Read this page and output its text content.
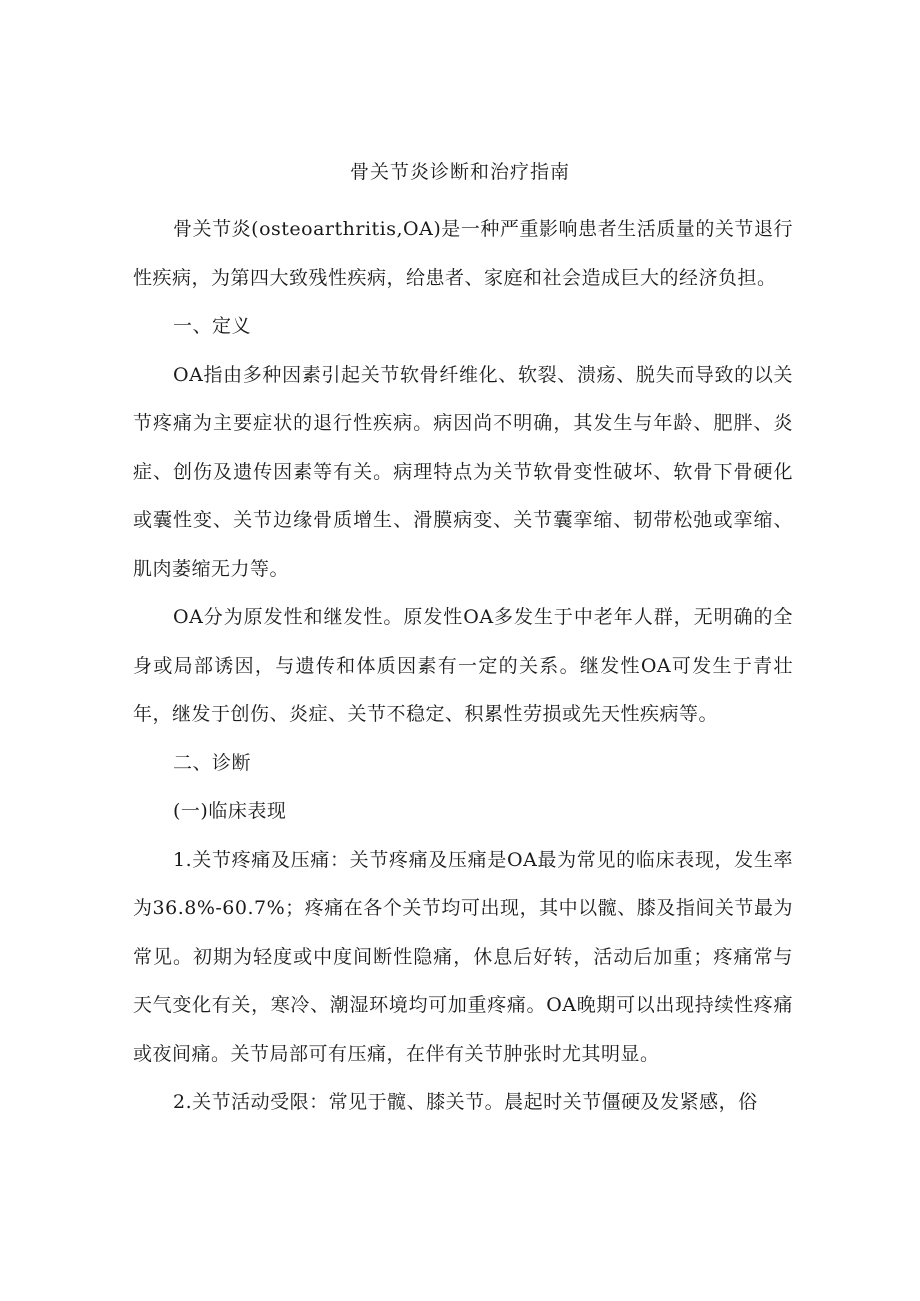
骨关节炎诊断和治疗指南

骨关节炎(osteoarthritis,OA)是一种严重影响患者生活质量的关节退行性疾病，为第四大致残性疾病，给患者、家庭和社会造成巨大的经济负担。

一、定义

OA指由多种因素引起关节软骨纤维化、软裂、溃疡、脱失而导致的以关节疼痛为主要症状的退行性疾病。病因尚不明确，其发生与年龄、肥胖、炎症、创伤及遗传因素等有关。病理特点为关节软骨变性破坏、软骨下骨硬化或囊性变、关节边缘骨质增生、滑膜病变、关节囊挛缩、韧带松弛或挛缩、肌肉萎缩无力等。

OA分为原发性和继发性。原发性OA多发生于中老年人群，无明确的全身或局部诱因，与遗传和体质因素有一定的关系。继发性OA可发生于青壮年，继发于创伤、炎症、关节不稳定、积累性劳损或先天性疾病等。

二、诊断

(一)临床表现

1.关节疼痛及压痛：关节疼痛及压痛是OA最为常见的临床表现，发生率为36.8%-60.7%；疼痛在各个关节均可出现，其中以髋、膝及指间关节最为常见。初期为轻度或中度间断性隐痛，休息后好转，活动后加重；疼痛常与天气变化有关，寒冷、潮湿环境均可加重疼痛。OA晚期可以出现持续性疼痛或夜间痛。关节局部可有压痛，在伴有关节肿张时尤其明显。

2.关节活动受限：常见于髋、膝关节。晨起时关节僵硬及发紧感，俗
